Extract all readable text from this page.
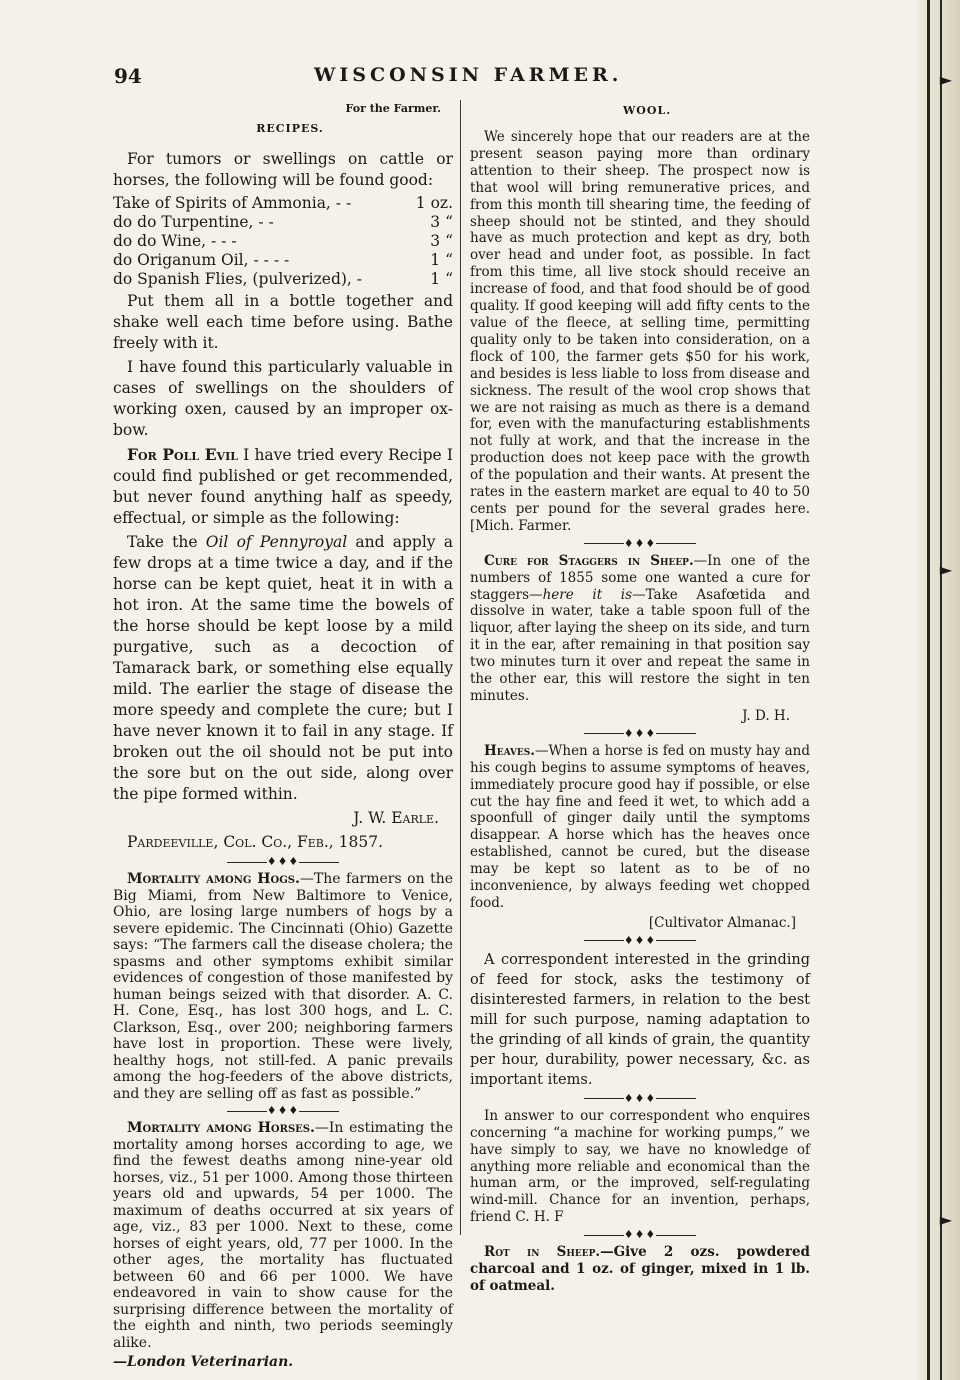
►
►
►
94	WISCONSIN FARMER.

For the Farmer.

RECIPES.

For tumors or swellings on cattle or horses, the following will be found good:

Take of Spirits of Ammonia, - -	1 oz.
do do Turpentine, - -	3 “
do do Wine, - - -	3 “
do Origanum Oil, - - - -	1 “
do Spanish Flies, (pulverized), -	1 “

Put them all in a bottle together and shake well each time before using. Bathe freely with it.

I have found this particularly valuable in cases of swellings on the shoulders of working oxen, caused by an improper ox-bow.

For Poll Evil I have tried every Recipe I could find published or get recommended, but never found anything half as speedy, effectual, or simple as the following:

Take the Oil of Pennyroyal and apply a few drops at a time twice a day, and if the horse can be kept quiet, heat it in with a hot iron. At the same time the bowels of the horse should be kept loose by a mild purgative, such as a decoction of Tamarack bark, or something else equally mild. The earlier the stage of disease the more speedy and complete the cure; but I have never known it to fail in any stage. If broken out the oil should not be put into the sore but on the out side, along over the pipe formed within.

J. W. Earle.

Pardeeville, Col. Co., Feb., 1857.

♦♦♦

Mortality among Hogs.—The farmers on the Big Miami, from New Baltimore to Venice, Ohio, are losing large numbers of hogs by a severe epidemic. The Cincinnati (Ohio) Gazette says: “The farmers call the disease cholera; the spasms and other symptoms exhibit similar evidences of congestion of those manifested by human beings seized with that disorder. A. C. H. Cone, Esq., has lost 300 hogs, and L. C. Clarkson, Esq., over 200; neighboring farmers have lost in proportion. These were lively, healthy hogs, not still-fed. A panic prevails among the hog-feeders of the above districts, and they are selling off as fast as possible.”

♦♦♦

Mortality among Horses.—In estimating the mortality among horses according to age, we find the fewest deaths among nine-year old horses, viz., 51 per 1000. Among those thirteen years old and upwards, 54 per 1000. The maximum of deaths occurred at six years of age, viz., 83 per 1000. Next to these, come horses of eight years, old, 77 per 1000. In the other ages, the mortality has fluctuated between 60 and 66 per 1000. We have endeavored in vain to show cause for the surprising difference between the mortality of the eighth and ninth, two periods seemingly alike.

—London Veterinarian.

WOOL.

We sincerely hope that our readers are at the present season paying more than ordinary attention to their sheep. The prospect now is that wool will bring remunerative prices, and from this month till shearing time, the feeding of sheep should not be stinted, and they should have as much protection and kept as dry, both over head and under foot, as possible. In fact from this time, all live stock should receive an increase of food, and that food should be of good quality. If good keeping will add fifty cents to the value of the fleece, at selling time, permitting quality only to be taken into consideration, on a flock of 100, the farmer gets $50 for his work, and besides is less liable to loss from disease and sickness. The result of the wool crop shows that we are not raising as much as there is a demand for, even with the manufacturing establishments not fully at work, and that the increase in the production does not keep pace with the growth of the population and their wants. At present the rates in the eastern market are equal to 40 to 50 cents per pound for the several grades here. [Mich. Farmer.

♦♦♦

Cure for Staggers in Sheep.—In one of the numbers of 1855 some one wanted a cure for staggers—here it is—Take Asafœtida and dissolve in water, take a table spoon full of the liquor, after laying the sheep on its side, and turn it in the ear, after remaining in that position say two minutes turn it over and repeat the same in the other ear, this will restore the sight in ten minutes.

J. D. H.

♦♦♦

Heaves.—When a horse is fed on musty hay and his cough begins to assume symptoms of heaves, immediately procure good hay if possible, or else cut the hay fine and feed it wet, to which add a spoonfull of ginger daily until the symptoms disappear. A horse which has the heaves once established, cannot be cured, but the disease may be kept so latent as to be of no inconvenience, by always feeding wet chopped food.

[Cultivator Almanac.]

♦♦♦

A correspondent interested in the grinding of feed for stock, asks the testimony of disinterested farmers, in relation to the best mill for such purpose, naming adaptation to the grinding of all kinds of grain, the quantity per hour, durability, power necessary, &c. as important items.

♦♦♦

In answer to our correspondent who enquires concerning “a machine for working pumps,” we have simply to say, we have no knowledge of anything more reliable and economical than the human arm, or the improved, self-regulating wind-mill. Chance for an invention, perhaps, friend C. H. F

♦♦♦

Rot in Sheep.—Give 2 ozs. powdered charcoal and 1 oz. of ginger, mixed in 1 lb. of oatmeal.
